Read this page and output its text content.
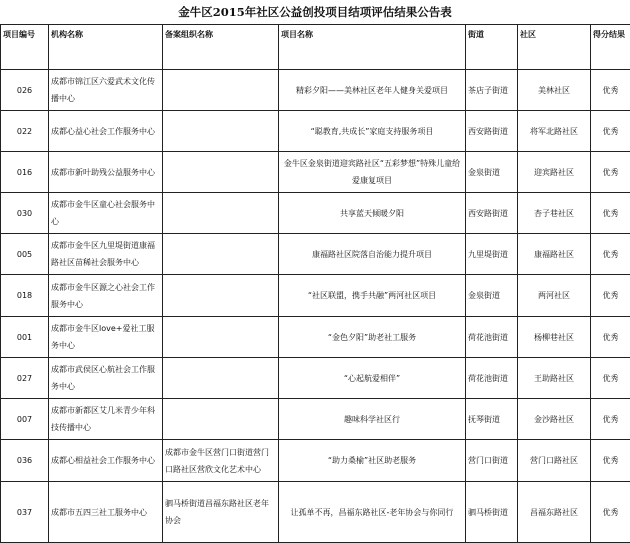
金牛区2015年社区公益创投项目结项评估结果公告表
项目编号	机构名称	备案组织名称	项目名称	街道	社区	得分结果
026	成都市锦江区六爱武术文化传播中心		精彩夕阳——美林社区老年人健身关爱项目	茶店子街道	美林社区	优秀
022	成都心益心社会工作服务中心		“聪教育,共成长”家庭支持服务项目	西安路街道	将军北路社区	优秀
016	成都市新叶助残公益服务中心		金牛区金泉街道迎宾路社区“五彩梦想”特殊儿童给爱康复项目	金泉街道	迎宾路社区	优秀
030	成都市金牛区童心社会服务中心		共享蓝天倾暖夕阳	西安路街道	杏子巷社区	优秀
005	成都市金牛区九里堤街道康福路社区苗稀社会服务中心		康福路社区院落自治能力提升项目	九里堤街道	康福路社区	优秀
018	成都市金牛区源之心社会工作服务中心		“社区联盟，携手共融”两河社区项目	金泉街道	两河社区	优秀
001	成都市金牛区love+爱社工服务中心		“金色夕阳”助老社工服务	荷花池街道	杨柳巷社区	优秀
027	成都市武侯区心航社会工作服务中心		“心起航爱相伴”	荷花池街道	王助路社区	优秀
007	成都市新都区艾几米青少年科技传播中心		趣味科学社区行	抚琴街道	金沙路社区	优秀
036	成都心相益社会工作服务中心	成都市金牛区营门口街道营门口路社区营欣文化艺术中心	“助力桑榆”社区助老服务	营门口街道	营门口路社区	优秀
037	成都市五四三社工服务中心	驷马桥街道昌福东路社区老年协会	让孤单不再，昌福东路社区-老年协会与你同行	驷马桥街道	昌福东路社区	优秀
